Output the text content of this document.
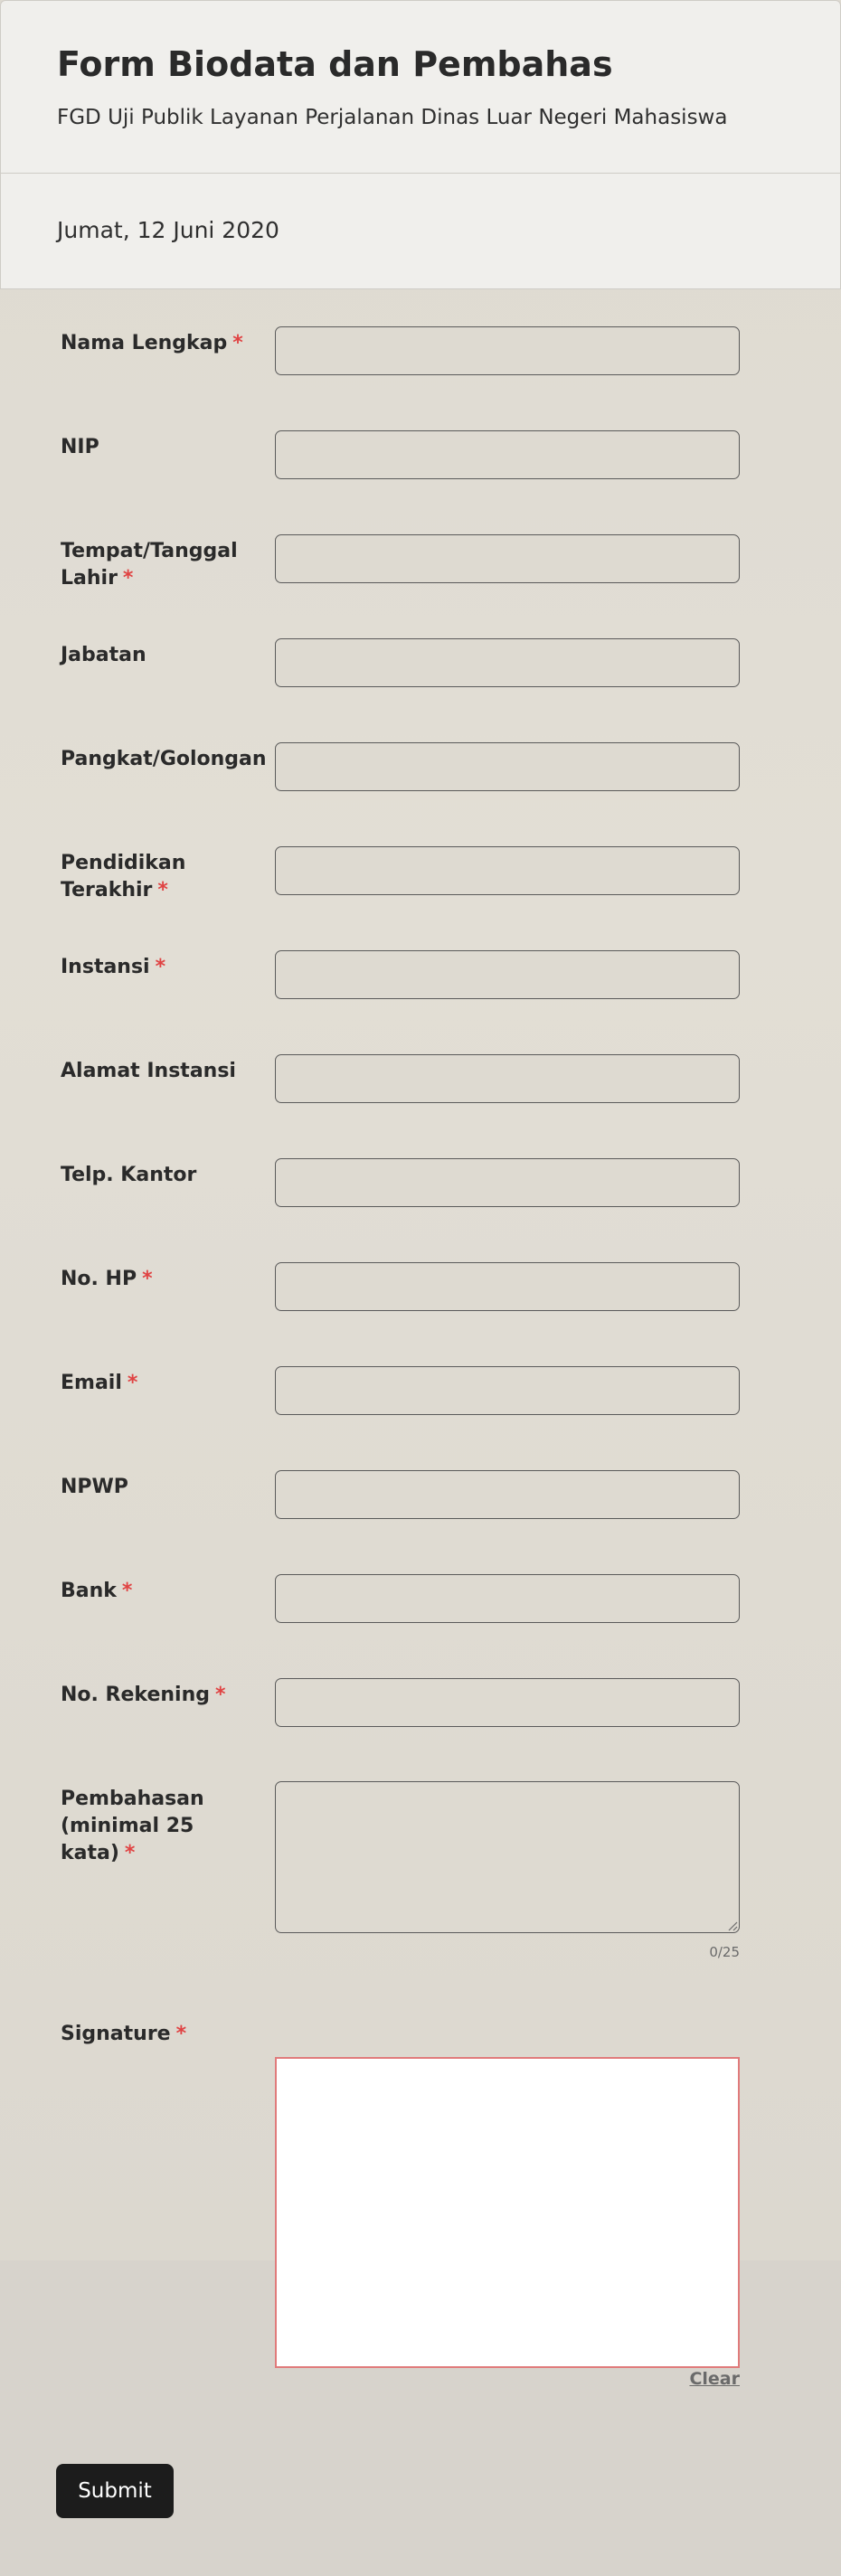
Form Biodata dan Pembahas
FGD Uji Publik Layanan Perjalanan Dinas Luar Negeri Mahasiswa
Jumat, 12 Juni 2020
Nama Lengkap *
NIP
Tempat/Tanggal Lahir *
Jabatan
Pangkat/Golongan
Pendidikan Terakhir *
Instansi *
Alamat Instansi
Telp. Kantor
No. HP *
Email *
NPWP
Bank *
No. Rekening *
Pembahasan (minimal 25 kata) *
0/25
Signature *
Clear
Submit
